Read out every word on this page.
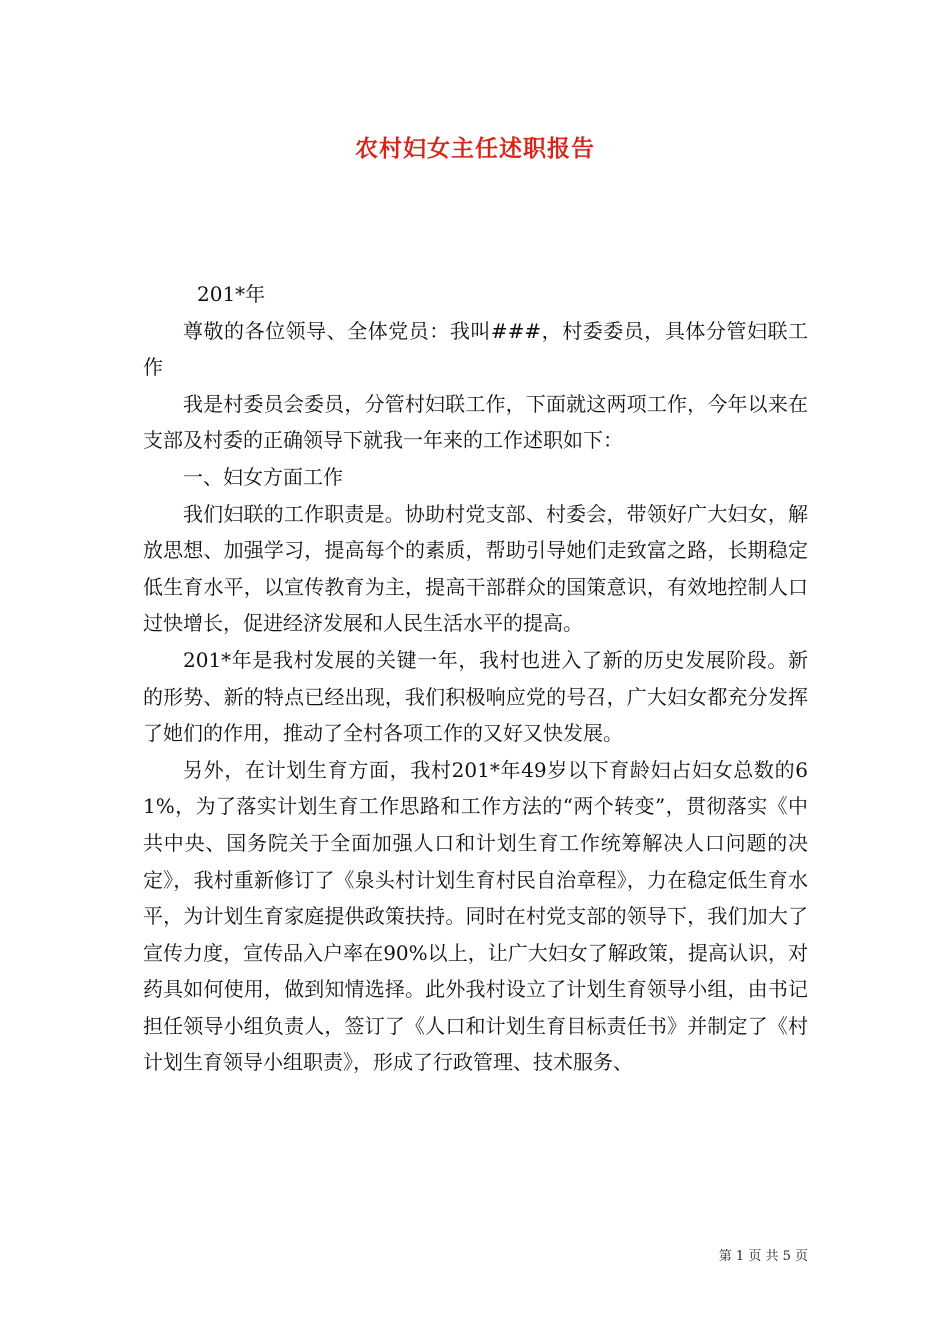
农村妇女主任述职报告

201*年

尊敬的各位领导、全体党员：我叫###，村委委员，具体分管妇联工作

我是村委员会委员，分管村妇联工作，下面就这两项工作，今年以来在支部及村委的正确领导下就我一年来的工作述职如下：

一、妇女方面工作

我们妇联的工作职责是。协助村党支部、村委会，带领好广大妇女，解放思想、加强学习，提高每个的素质，帮助引导她们走致富之路，长期稳定低生育水平，以宣传教育为主，提高干部群众的国策意识，有效地控制人口过快增长，促进经济发展和人民生活水平的提高。

201*年是我村发展的关键一年，我村也进入了新的历史发展阶段。新的形势、新的特点已经出现，我们积极响应党的号召，广大妇女都充分发挥了她们的作用，推动了全村各项工作的又好又快发展。

另外，在计划生育方面，我村201*年49岁以下育龄妇占妇女总数的61%，为了落实计划生育工作思路和工作方法的“两个转变”，贯彻落实《中共中央、国务院关于全面加强人口和计划生育工作统筹解决人口问题的决定》，我村重新修订了《泉头村计划生育村民自治章程》，力在稳定低生育水平，为计划生育家庭提供政策扶持。同时在村党支部的领导下，我们加大了宣传力度，宣传品入户率在90%以上，让广大妇女了解政策，提高认识，对药具如何使用，做到知情选择。此外我村设立了计划生育领导小组，由书记担任领导小组负责人，签订了《人口和计划生育目标责任书》并制定了《村计划生育领导小组职责》，形成了行政管理、技术服务、

第 1 页 共 5 页
